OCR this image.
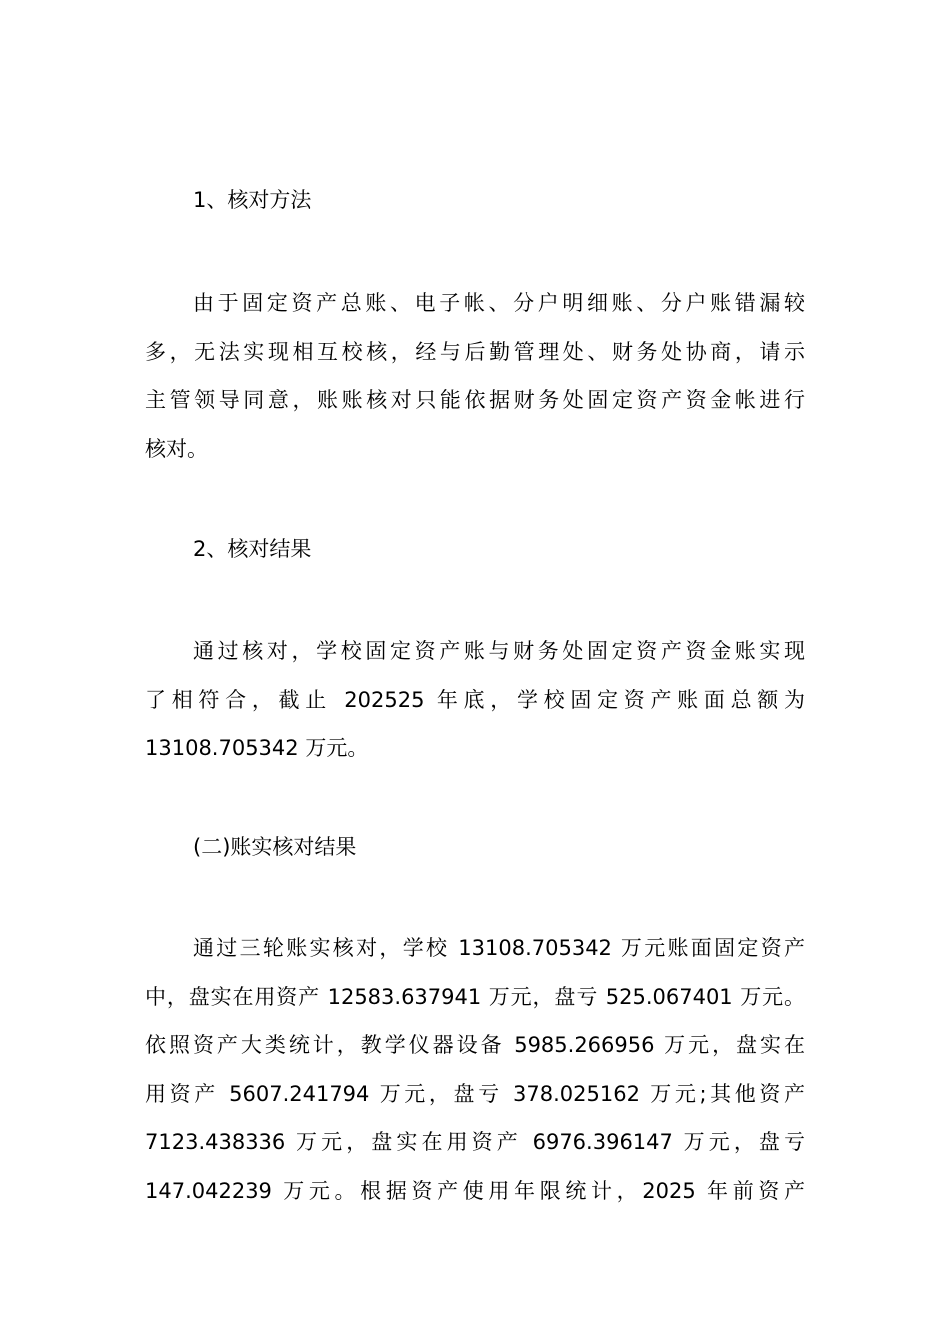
1、核对方法
由于固定资产总账、电子帐、分户明细账、分户账错漏较
多，无法实现相互校核，经与后勤管理处、财务处协商，请示
主管领导同意，账账核对只能依据财务处固定资产资金帐进行
核对。
2、核对结果
通过核对，学校固定资产账与财务处固定资产资金账实现
了相符合，截止 202525 年底，学校固定资产账面总额为
13108.705342 万元。
(二)账实核对结果
通过三轮账实核对，学校 13108.705342 万元账面固定资产
中，盘实在用资产 12583.637941 万元，盘亏 525.067401 万元。
依照资产大类统计，教学仪器设备 5985.266956 万元，盘实在
用资产 5607.241794 万元，盘亏 378.025162 万元;其他资产
7123.438336 万元，盘实在用资产 6976.396147 万元，盘亏
147.042239 万元。根据资产使用年限统计，2025 年前资产
